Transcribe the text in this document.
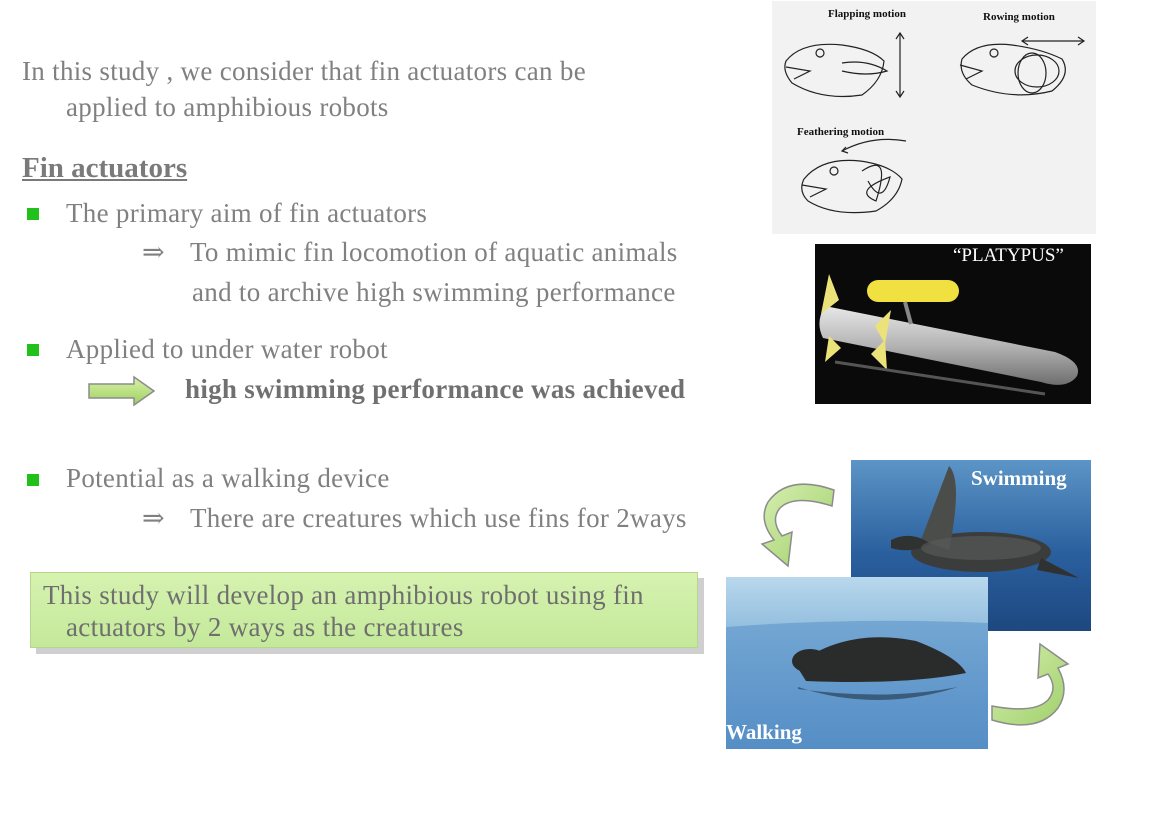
In this study , we consider that fin actuators can be
applied to amphibious robots
Fin actuators
The primary aim of fin actuators
⇒ To mimic fin locomotion of aquatic animals
and to archive high swimming performance
Applied to under water robot
high swimming performance was achieved
Potential as a walking device
⇒ There are creatures which use fins for 2ways
This study will develop an amphibious robot using fin
actuators by 2 ways as the creatures
Flapping motion	Rowing motion
Feathering motion
“PLATYPUS”
Swimming
Walking
